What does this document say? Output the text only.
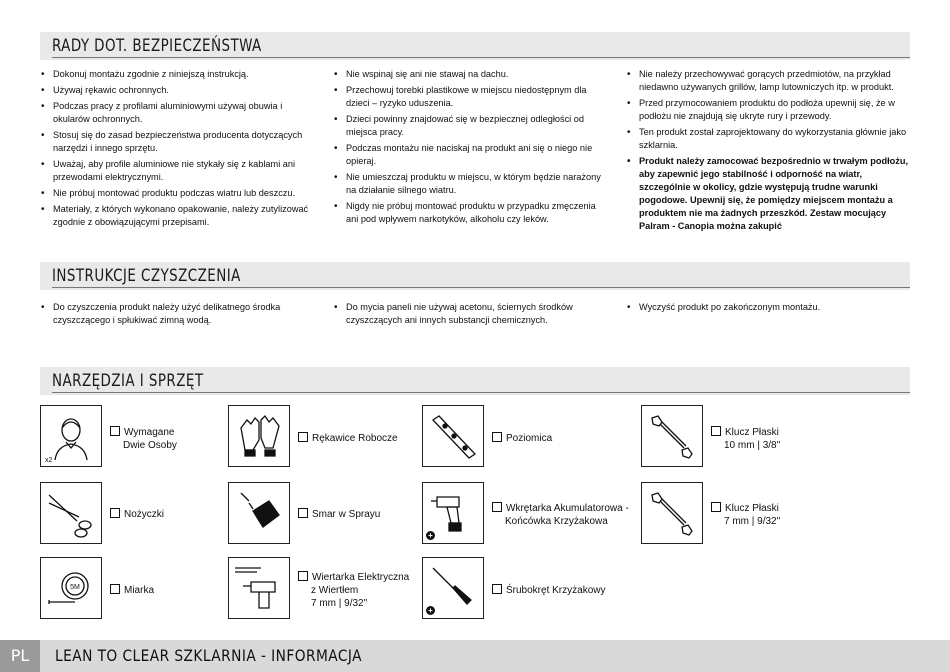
RADY DOT. BEZPIECZEŃSTWA
• Dokonuj montażu zgodnie z niniejszą instrukcją.
• Używaj rękawic ochronnych.
• Podczas pracy z profilami aluminiowymi używaj obuwia i okularów ochronnych.
• Stosuj się do zasad bezpieczeństwa producenta dotyczących narzędzi i innego sprzętu.
• Uważaj, aby profile aluminiowe nie stykały się z kablami ani przewodami elektrycznymi.
• Nie próbuj montować produktu podczas wiatru lub deszczu.
• Materiały, z których wykonano opakowanie, należy zutylizować zgodnie z obowiązującymi przepisami.
• Nie wspinaj się ani nie stawaj na dachu.
• Przechowuj torebki plastikowe w miejscu niedostępnym dla dzieci – ryzyko uduszenia.
• Dzieci powinny znajdować się w bezpiecznej odległości od miejsca pracy.
• Podczas montażu nie naciskaj na produkt ani się o niego nie opieraj.
• Nie umieszczaj produktu w miejscu, w którym będzie narażony na działanie silnego wiatru.
• Nigdy nie próbuj montować produktu w przypadku zmęczenia ani pod wpływem narkotyków, alkoholu czy leków.
• Nie należy przechowywać gorących przedmiotów, na przykład niedawno używanych grillów, lamp lutowniczych itp. w produkt.
• Przed przymocowaniem produktu do podłoża upewnij się, że w podłożu nie znajdują się ukryte rury i przewody.
• Ten produkt został zaprojektowany do wykorzystania głównie jako szklarnia.
• Produkt należy zamocować bezpośrednio w trwałym podłożu, aby zapewnić jego stabilność i odporność na wiatr, szczególnie w okolicy, gdzie występują trudne warunki pogodowe. Upewnij się, że pomiędzy miejscem montażu a produktem nie ma żadnych przeszkód. Zestaw mocujący Palram - Canopia można zakupić
INSTRUKCJE CZYSZCZENIA
• Do czyszczenia produkt należy użyć delikatnego środka czyszczącego i spłukiwać zimną wodą.
• Do mycia paneli nie używaj acetonu, ściernych środków czyszczących ani innych substancji chemicznych.
• Wyczyść produkt po zakończonym montażu.
NARZĘDZIA I SPRZĘT
x2
Wymagane
Dwie Osoby
Rękawice Robocze	Poziomica
Klucz Płaski
10 mm | 3/8"
Nożyczki	Smar w Sprayu
+
Wkrętarka Akumulatorowa -
Końcówka Krzyżakowa
Klucz Płaski
7 mm | 9/32"
5M	Miarka
Wiertarka Elektryczna
z Wiertłem
7 mm | 9/32"
+
Śrubokręt Krzyżakowy
PL	LEAN TO CLEAR SZKLARNIA - INFORMACJA
